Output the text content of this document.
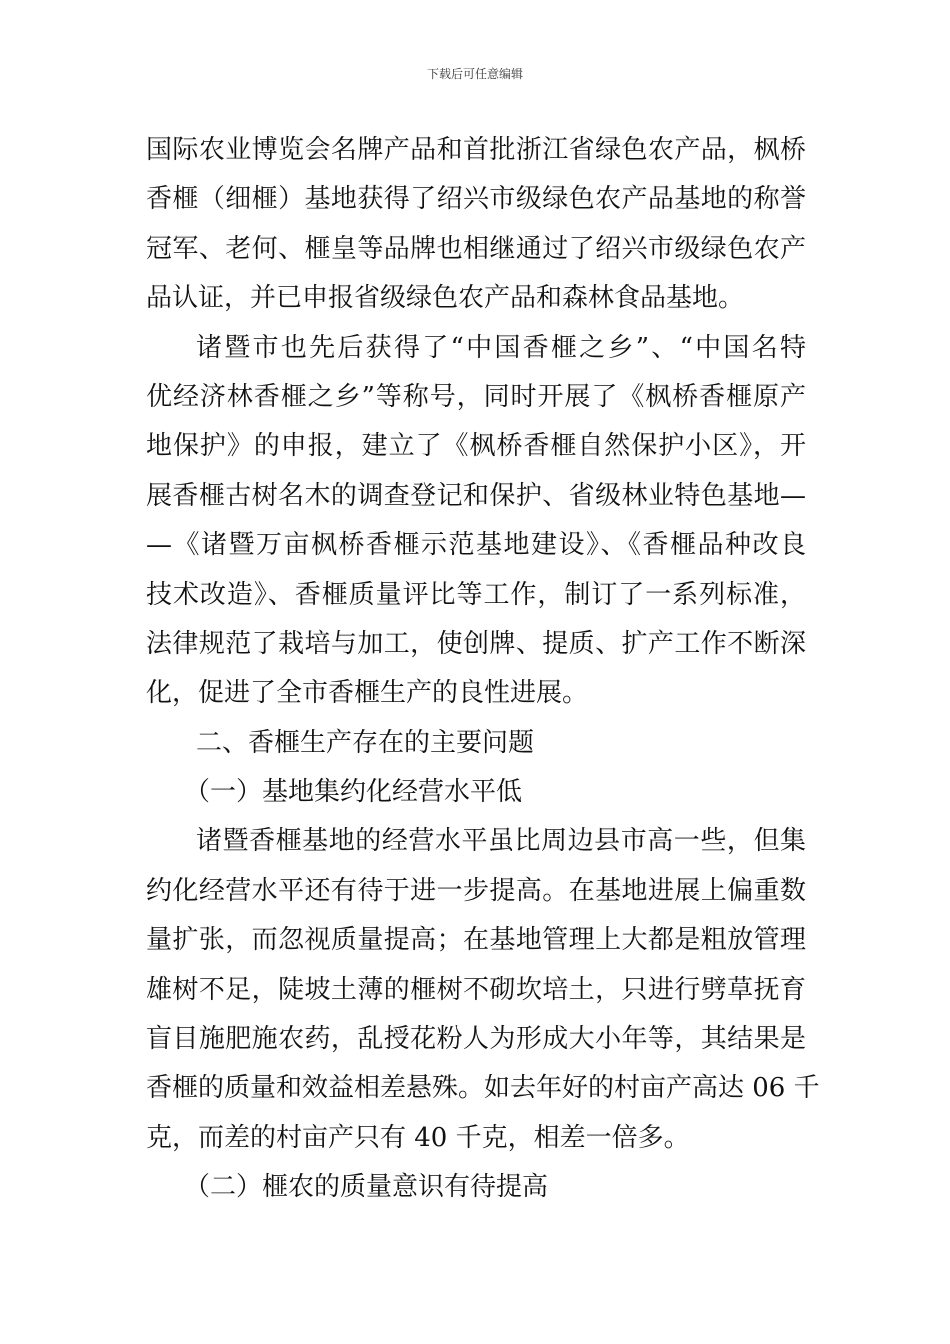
下载后可任意编辑
国际农业博览会名牌产品和首批浙江省绿色农产品，枫桥
香榧（细榧）基地获得了绍兴市级绿色农产品基地的称誉
冠军、老何、榧皇等品牌也相继通过了绍兴市级绿色农产
品认证，并已申报省级绿色农产品和森林食品基地。
诸暨市也先后获得了“中国香榧之乡”、“中国名特
优经济林香榧之乡”等称号，同时开展了《枫桥香榧原产
地保护》的申报，建立了《枫桥香榧自然保护小区》，开
展香榧古树名木的调查登记和保护、省级林业特色基地—
—《诸暨万亩枫桥香榧示范基地建设》、《香榧品种改良
技术改造》、香榧质量评比等工作，制订了一系列标准，
法律规范了栽培与加工，使创牌、提质、扩产工作不断深
化，促进了全市香榧生产的良性进展。
二、香榧生产存在的主要问题
（一）基地集约化经营水平低
诸暨香榧基地的经营水平虽比周边县市高一些，但集
约化经营水平还有待于进一步提高。在基地进展上偏重数
量扩张，而忽视质量提高；在基地管理上大都是粗放管理
雄树不足，陡坡土薄的榧树不砌坎培土，只进行劈草抚育
盲目施肥施农药，乱授花粉人为形成大小年等，其结果是
香榧的质量和效益相差悬殊。如去年好的村亩产高达 06 千
克，而差的村亩产只有 40 千克，相差一倍多。
（二）榧农的质量意识有待提高
